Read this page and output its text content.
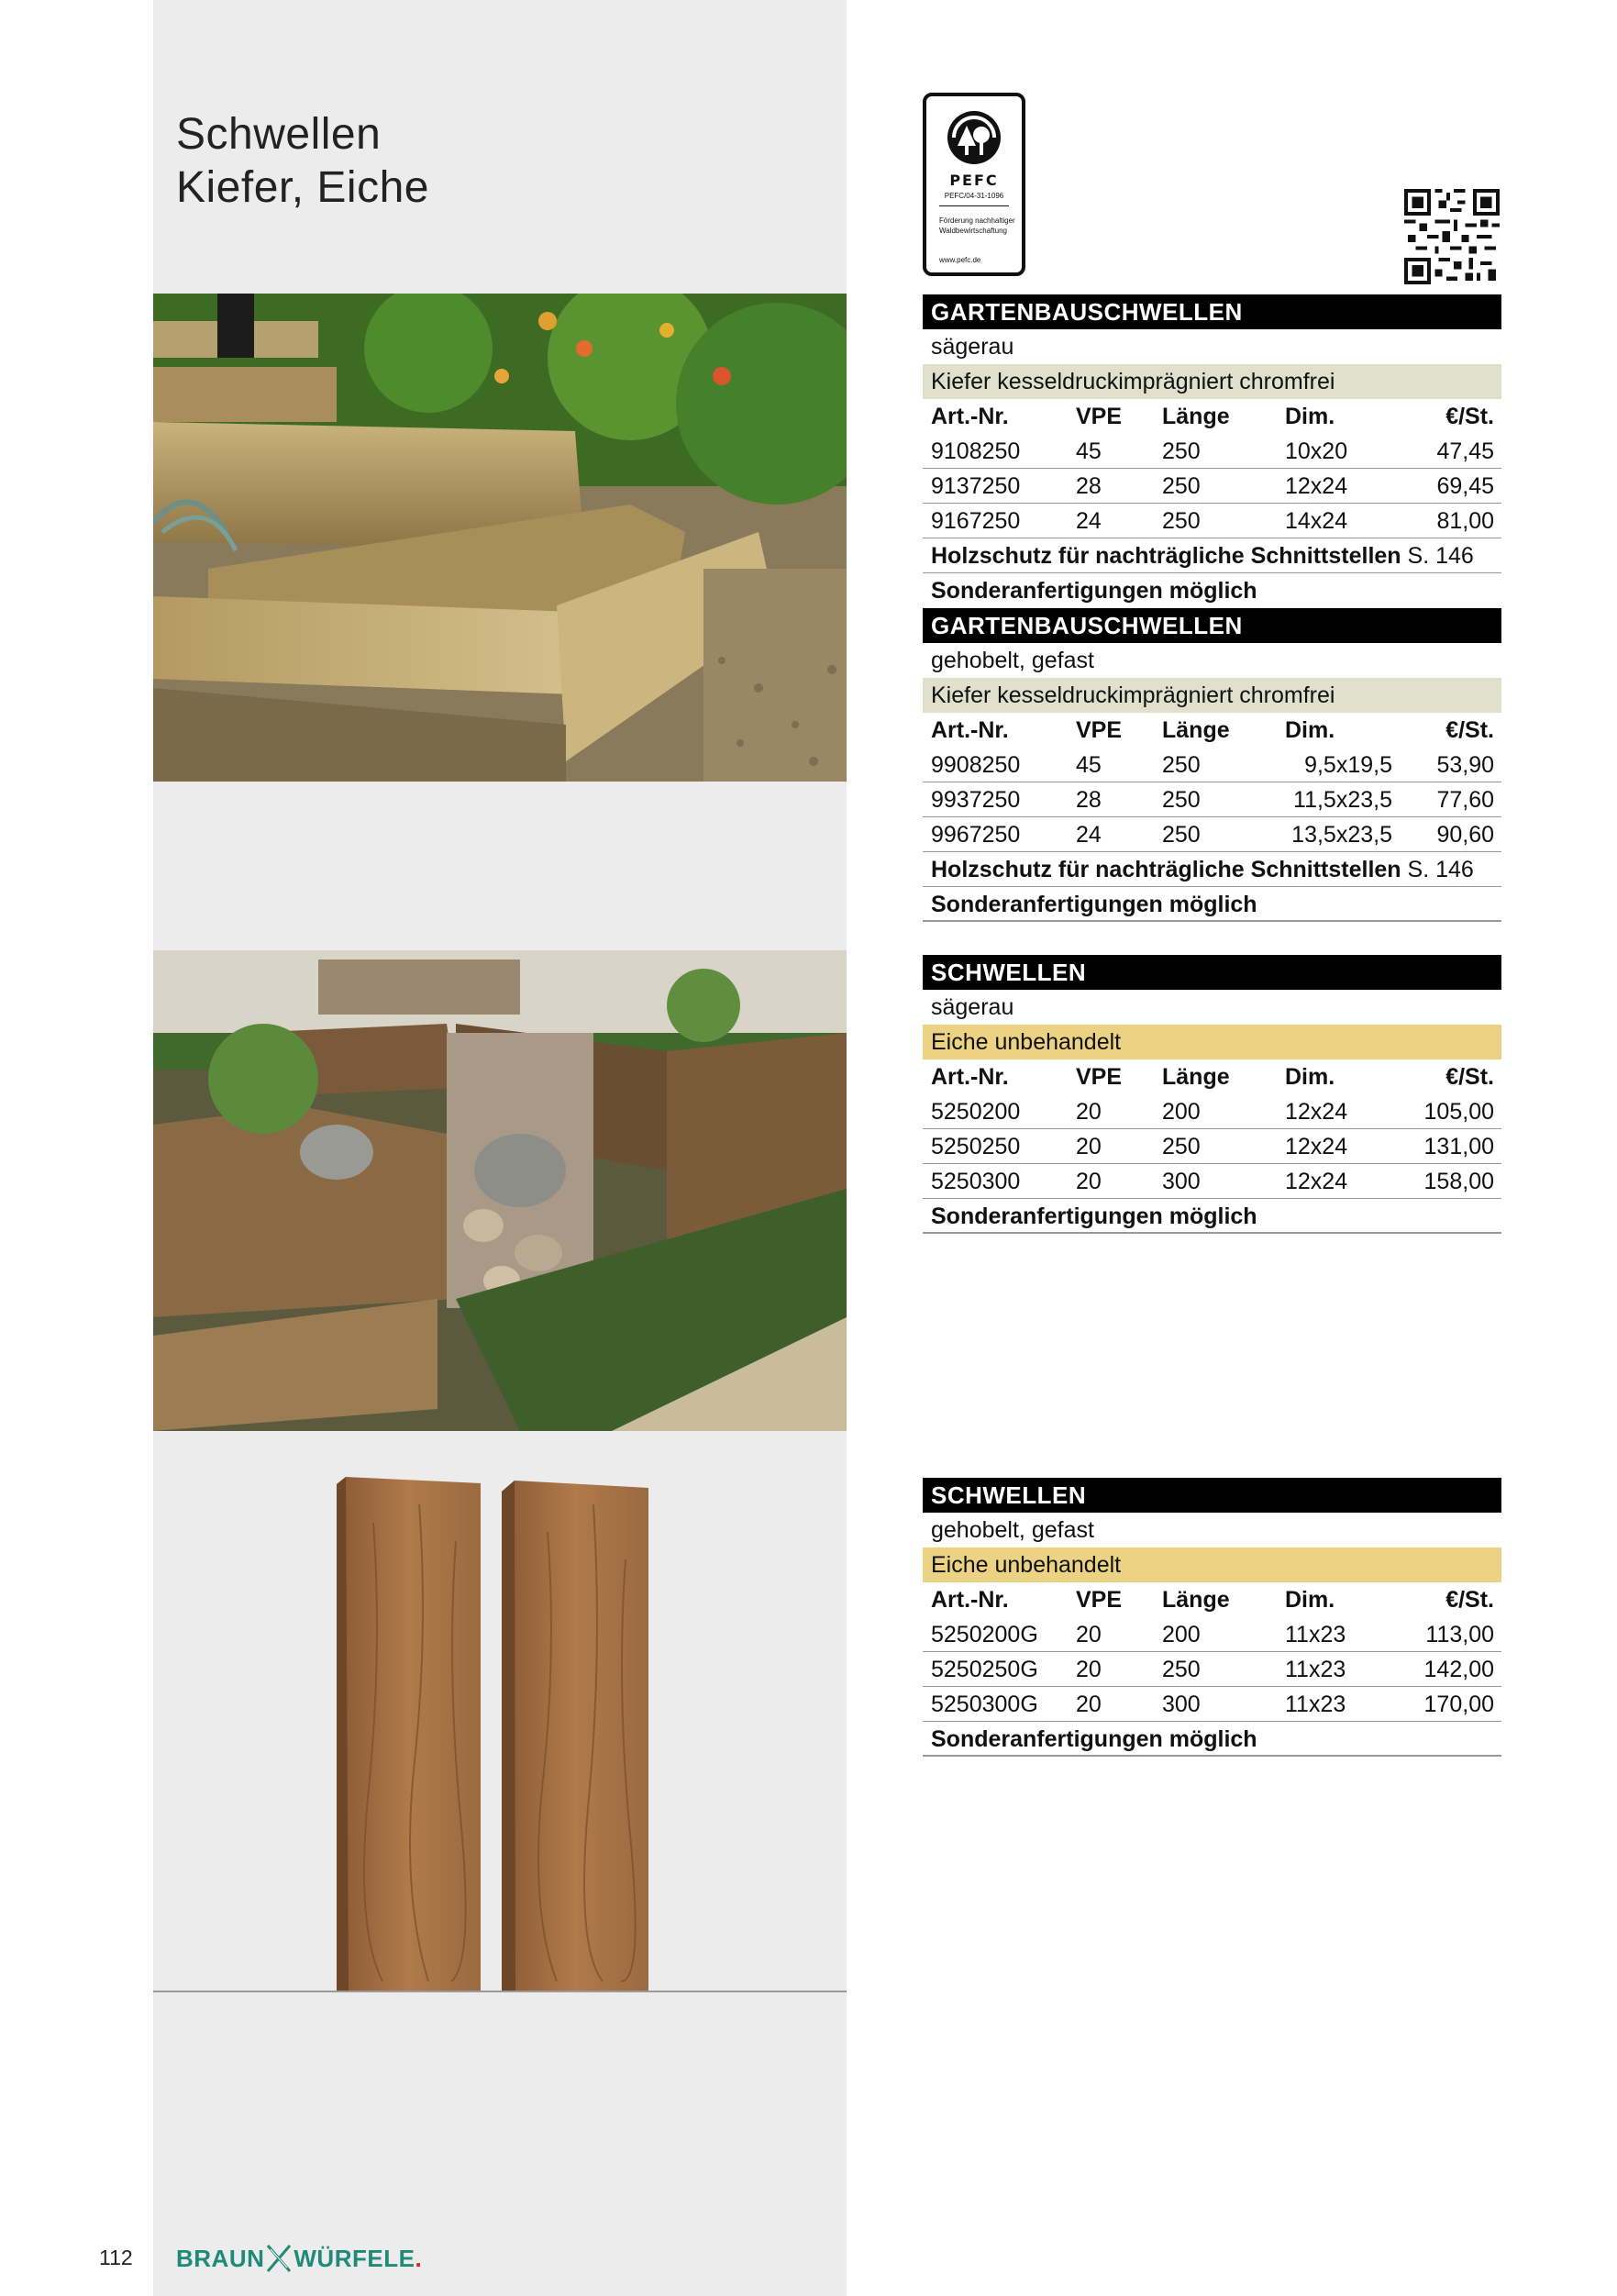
Schwellen
Kiefer, Eiche	PEFC
PEFC/04-31-1096
Förderung nachhaltiger Waldbewirtschaftung
www.pefc.de
GARTENBAUSCHWELLEN
sägerau
Kiefer kesseldruckimprägniert chromfrei
Art.-Nr.	VPE Länge Dim.	€/St.
9108250 45	250	10x20	47,45
9137250 28	250	12x24	69,45
9167250 24	250	14x24	81,00
Holzschutz für nachträgliche Schnittstellen S. 146
Sonderanfertigungen möglich
GARTENBAUSCHWELLEN
gehobelt, gefast
Kiefer kesseldruckimprägniert chromfrei
Art.-Nr.	VPE Länge Dim.	€/St.
9908250 45	250	9,5x19,5 53,90
9937250 28	250	11,5x23,5 77,60
9967250 24	250	13,5x23,5 90,60
Holzschutz für nachträgliche Schnittstellen S. 146
Sonderanfertigungen möglich
SCHWELLEN
sägerau
Eiche unbehandelt
Art.-Nr.	VPE Länge Dim.	€/St.
5250200 20	200	12x24	105,00
5250250 20	250	12x24	131,00
5250300 20	300	12x24	158,00
Sonderanfertigungen möglich
SCHWELLEN
gehobelt, gefast
Eiche unbehandelt
Art.-Nr.	VPE Länge Dim.	€/St.
5250200G 20	200	11x23	113,00
5250250G 20	250	11x23	142,00
5250300G 20	300	11x23	170,00
Sonderanfertigungen möglich
112 BRAUN WÜRFELE .
